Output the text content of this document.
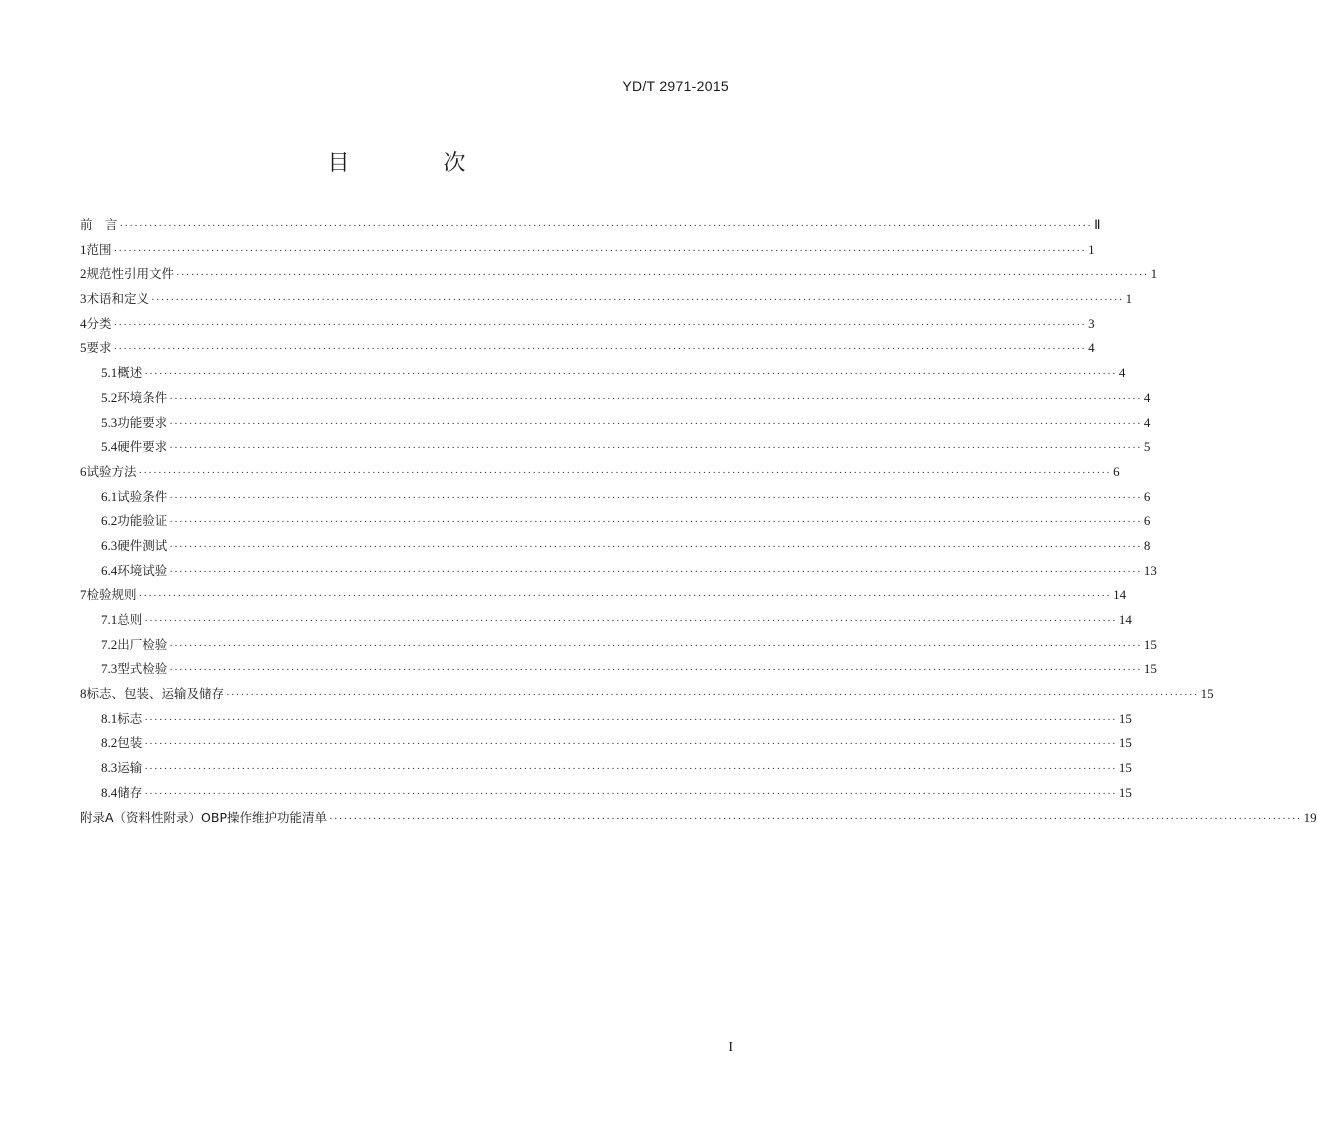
YD/T 2971-2015
目　次
前　言 ········································································································································································································ Ⅱ
1 范围 ········································································································································································································ 1
2 规范性引用文件 ········································································································································································································ 1
3 术语和定义 ········································································································································································································ 1
4 分类 ········································································································································································································ 3
5 要求 ········································································································································································································ 4
5.1 概述 ········································································································································································································ 4
5.2 环境条件 ········································································································································································································ 4
5.3 功能要求 ········································································································································································································ 4
5.4 硬件要求 ········································································································································································································ 5
6 试验方法 ········································································································································································································ 6
6.1 试验条件 ········································································································································································································ 6
6.2 功能验证 ········································································································································································································ 6
6.3 硬件测试 ········································································································································································································ 8
6.4 环境试验 ········································································································································································································ 13
7 检验规则 ········································································································································································································ 14
7.1 总则 ········································································································································································································ 14
7.2 出厂检验 ········································································································································································································ 15
7.3 型式检验 ········································································································································································································ 15
8 标志、包装、运输及储存 ········································································································································································································ 15
8.1 标志 ········································································································································································································ 15
8.2 包装 ········································································································································································································ 15
8.3 运输 ········································································································································································································ 15
8.4 储存 ········································································································································································································ 15
附录A（资料性附录）OBP操作维护功能清单 ········································································································································································································ 19
I
